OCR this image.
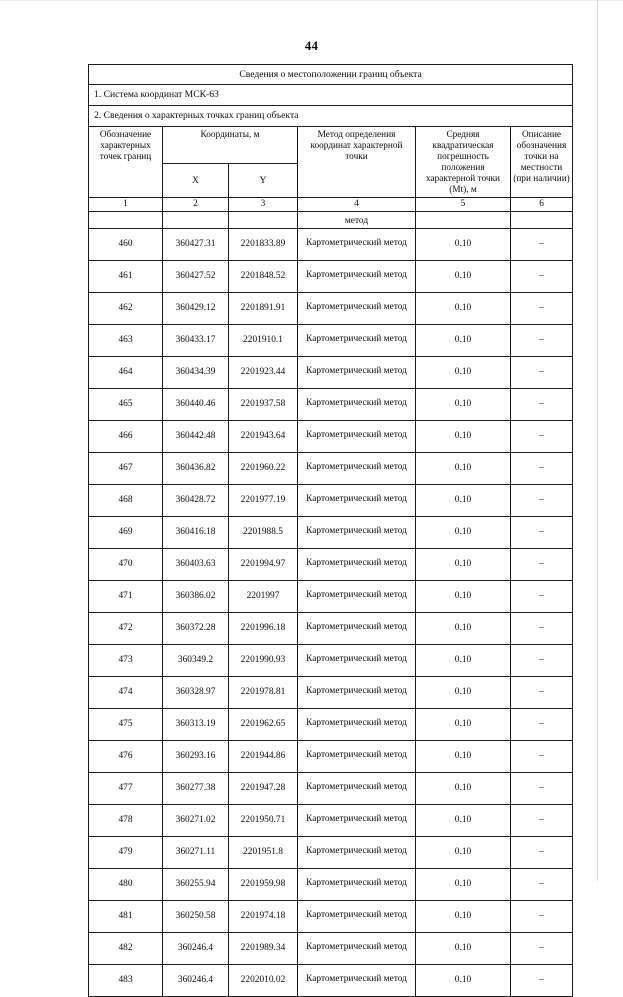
44
Сведения о местоположении границ объекта					
1. Система координат МСК-63					
2. Сведения о характерных точках границ объекта					
Обозначение характерных точек границ	Координаты, м		Метод определения координат характерной точки	Средняя квадратическая погрешность положения характерной точки (Мt), м	Описание обозначения точки на местности (при наличии)
	X	Y			
1	2	3	4	5	6
			метод		
460	360427.31	2201833.89	Картометрический метод	0.10	–
461	360427.52	2201848.52	Картометрический метод	0.10	–
462	360429.12	2201891.91	Картометрический метод	0.10	–
463	360433.17	2201910.1	Картометрический метод	0.10	–
464	360434.39	2201923.44	Картометрический метод	0.10	–
465	360440.46	2201937.58	Картометрический метод	0.10	–
466	360442.48	2201943.64	Картометрический метод	0.10	–
467	360436.82	2201960.22	Картометрический метод	0.10	–
468	360428.72	2201977.19	Картометрический метод	0.10	–
469	360416.18	2201988.5	Картометрический метод	0.10	–
470	360403.63	2201994.97	Картометрический метод	0.10	–
471	360386.02	2201997	Картометрический метод	0.10	–
472	360372.28	2201996.18	Картометрический метод	0.10	–
473	360349.2	2201990.93	Картометрический метод	0.10	–
474	360328.97	2201978.81	Картометрический метод	0.10	–
475	360313.19	2201962.65	Картометрический метод	0.10	–
476	360293.16	2201944.86	Картометрический метод	0.10	–
477	360277.38	2201947.28	Картометрический метод	0.10	–
478	360271.02	2201950.71	Картометрический метод	0.10	–
479	360271.11	2201951.8	Картометрический метод	0.10	–
480	360255.94	2201959.98	Картометрический метод	0.10	–
481	360250.58	2201974.18	Картометрический метод	0.10	–
482	360246.4	2201989.34	Картометрический метод	0.10	–
483	360246.4	2202010.02	Картометрический метод	0.10	–
